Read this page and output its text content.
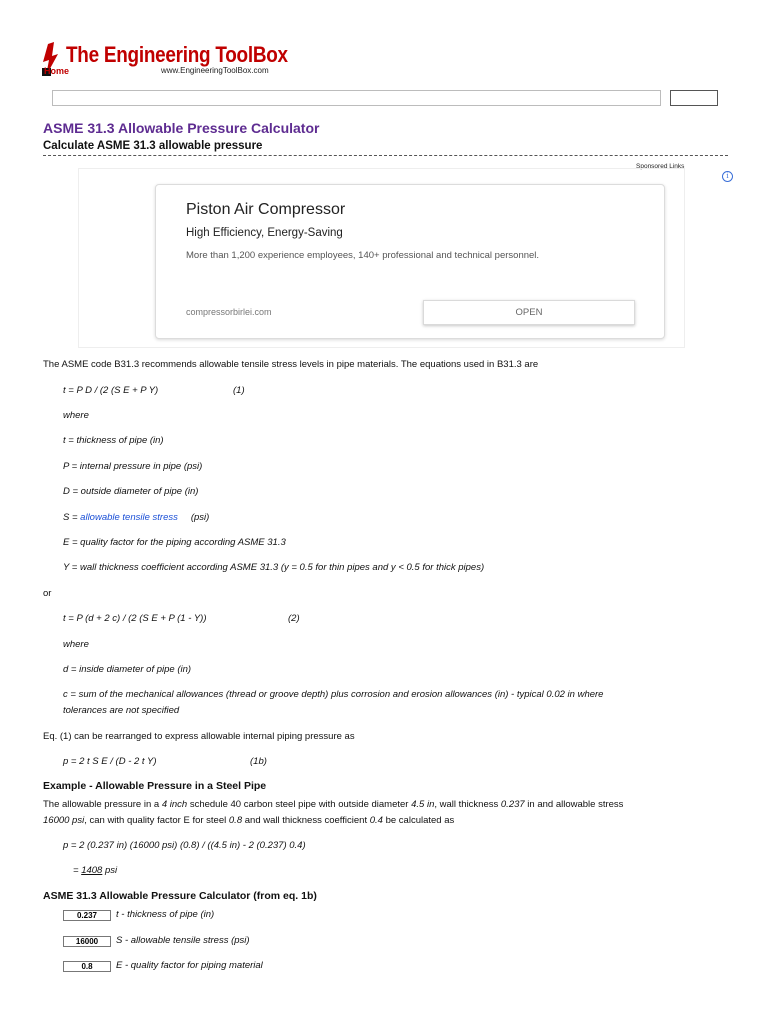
The Engineering ToolBox
Home	www.EngineeringToolBox.com
ASME 31.3 Allowable Pressure Calculator
Calculate ASME 31.3 allowable pressure
Sponsored Links
i
Piston Air Compressor
High Efficiency, Energy-Saving
More than 1,200 experience employees, 140+ professional and technical personnel.
compressorbirlei.com	OPEN
The ASME code B31.3 recommends allowable tensile stress levels in pipe materials. The equations used in B31.3 are
t = P D / (2 (S E + P Y)	(1)
where
t = thickness of pipe (in)
P = internal pressure in pipe (psi)
D = outside diameter of pipe (in)
S = allowable tensile stress (psi)
E = quality factor for the piping according ASME 31.3
Y = wall thickness coefficient according ASME 31.3 (y = 0.5 for thin pipes and y < 0.5 for thick pipes)
or
t = P (d + 2 c) / (2 (S E + P (1 - Y))	(2)
where
d = inside diameter of pipe (in)
c = sum of the mechanical allowances (thread or groove depth) plus corrosion and erosion allowances (in) - typical 0.02 in where
tolerances are not specified
Eq. (1) can be rearranged to express allowable internal piping pressure as
p = 2 t S E / (D - 2 t Y)	(1b)
Example - Allowable Pressure in a Steel Pipe
The allowable pressure in a 4 inch schedule 40 carbon steel pipe with outside diameter 4.5 in, wall thickness 0.237 in and allowable stress
16000 psi, can with quality factor E for steel 0.8 and wall thickness coefficient 0.4 be calculated as
p = 2 (0.237 in) (16000 psi) (0.8) / ((4.5 in) - 2 (0.237) 0.4)
= 1408 psi
ASME 31.3 Allowable Pressure Calculator (from eq. 1b)
0.237
t - thickness of pipe (in)
16000
S - allowable tensile stress (psi)
0.8
E - quality factor for piping material
